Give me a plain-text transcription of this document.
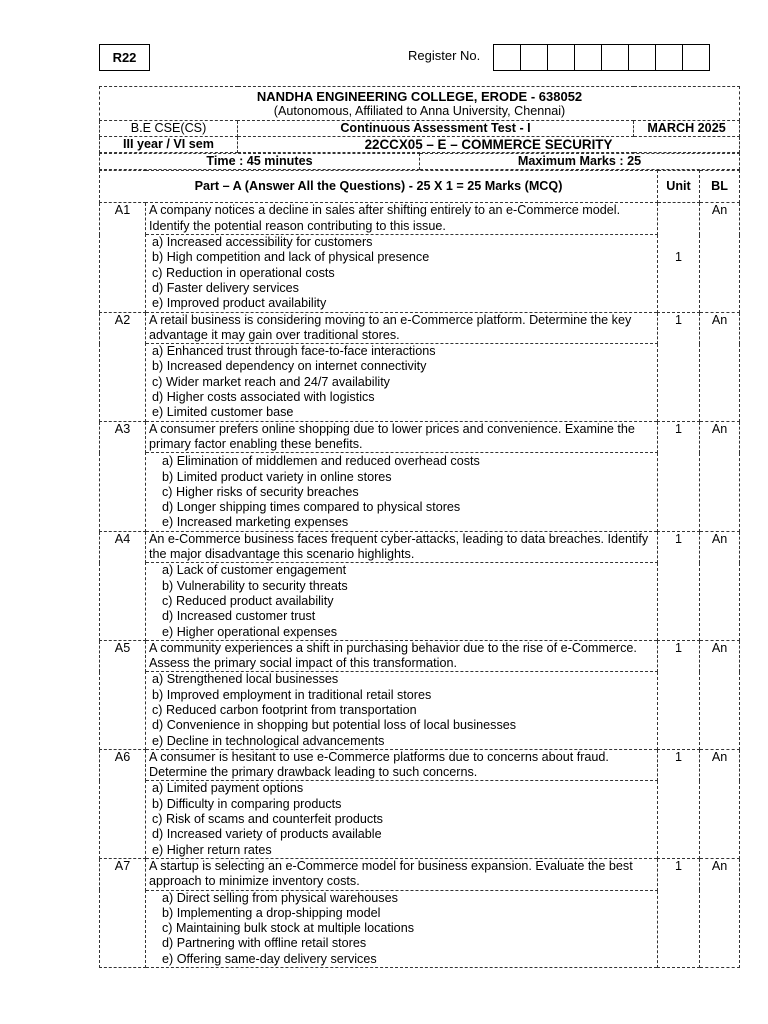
R22	Register No.
NANDHA ENGINEERING COLLEGE, ERODE - 638052
(Autonomous, Affiliated to Anna University, Chennai)		

B.E CSE(CS)	Continuous Assessment Test - I	MARCH 2025
III year / VI sem	22CCX05 – E – COMMERCE SECURITY	
Time : 45 minutes	Maximum Marks : 25
Part – A (Answer All the Questions) - 25 X 1 = 25 Marks (MCQ)		Unit	BL
A1	A company notices a decline in sales after shifting entirely to an e-Commerce model. Identify the potential reason contributing to this issue.	1	An

	a) Increased accessibility for customers
b) High competition and lack of physical presence
c) Reduction in operational costs
d) Faster delivery services
e) Improved product availability		

A2	A retail business is considering moving to an e-Commerce platform. Determine the key advantage it may gain over traditional stores.	1	An

	a) Enhanced trust through face-to-face interactions
b) Increased dependency on internet connectivity
c) Wider market reach and 24/7 availability
d) Higher costs associated with logistics
e) Limited customer base		

A3	A consumer prefers online shopping due to lower prices and convenience. Examine the primary factor enabling these benefits.	1	An

	a) Elimination of middlemen and reduced overhead costs
b) Limited product variety in online stores
c) Higher risks of security breaches
d) Longer shipping times compared to physical stores
e) Increased marketing expenses		

A4	An e-Commerce business faces frequent cyber-attacks, leading to data breaches. Identify the major disadvantage this scenario highlights.	1	An

	a) Lack of customer engagement
b) Vulnerability to security threats
c) Reduced product availability
d) Increased customer trust
e) Higher operational expenses		

A5	A community experiences a shift in purchasing behavior due to the rise of e-Commerce. Assess the primary social impact of this transformation.	1	An

	a) Strengthened local businesses
b) Improved employment in traditional retail stores
c) Reduced carbon footprint from transportation
d) Convenience in shopping but potential loss of local businesses
e) Decline in technological advancements		

A6	A consumer is hesitant to use e-Commerce platforms due to concerns about fraud. Determine the primary drawback leading to such concerns.	1	An

	a) Limited payment options
b) Difficulty in comparing products
c) Risk of scams and counterfeit products
d) Increased variety of products available
e) Higher return rates		

A7	A startup is selecting an e-Commerce model for business expansion. Evaluate the best approach to minimize inventory costs.	1	An

	a) Direct selling from physical warehouses
b) Implementing a drop-shipping model
c) Maintaining bulk stock at multiple locations
d) Partnering with offline retail stores
e) Offering same-day delivery services		
